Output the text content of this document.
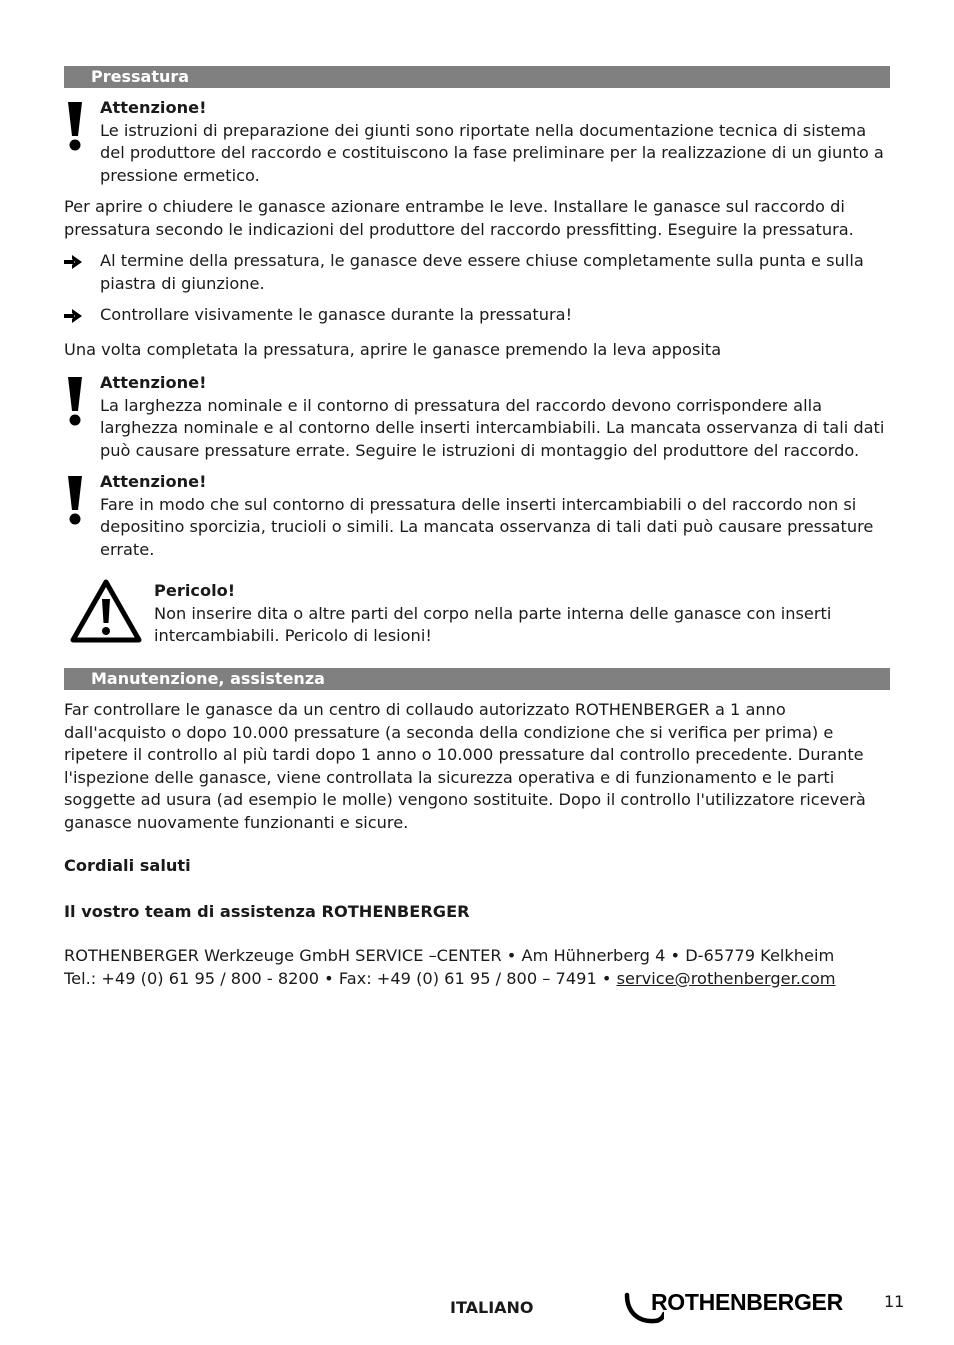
Pressatura
Attenzione!
Le istruzioni di preparazione dei giunti sono riportate nella documentazione tecnica di sistema
del produttore del raccordo e costituiscono la fase preliminare per la realizzazione di un giunto a
pressione ermetico.
Per aprire o chiudere le ganasce azionare entrambe le leve. Installare le ganasce sul raccordo di
pressatura secondo le indicazioni del produttore del raccordo pressfitting. Eseguire la pressatura.
Al termine della pressatura, le ganasce deve essere chiuse completamente sulla punta e sulla
piastra di giunzione.
Controllare visivamente le ganasce durante la pressatura!
Una volta completata la pressatura, aprire le ganasce premendo la leva apposita
Attenzione!
La larghezza nominale e il contorno di pressatura del raccordo devono corrispondere alla
larghezza nominale e al contorno delle inserti intercambiabili. La mancata osservanza di tali dati
può causare pressature errate. Seguire le istruzioni di montaggio del produttore del raccordo.
Attenzione!
Fare in modo che sul contorno di pressatura delle inserti intercambiabili o del raccordo non si
depositino sporcizia, trucioli o simili. La mancata osservanza di tali dati può causare pressature
errate.
Pericolo!
Non inserire dita o altre parti del corpo nella parte interna delle ganasce con inserti
intercambiabili. Pericolo di lesioni!
Manutenzione, assistenza
Far controllare le ganasce da un centro di collaudo autorizzato ROTHENBERGER a 1 anno
dall'acquisto o dopo 10.000 pressature (a seconda della condizione che si verifica per prima) e
ripetere il controllo al più tardi dopo 1 anno o 10.000 pressature dal controllo precedente. Durante
l'ispezione delle ganasce, viene controllata la sicurezza operativa e di funzionamento e le parti
soggette ad usura (ad esempio le molle) vengono sostituite. Dopo il controllo l'utilizzatore riceverà
ganasce nuovamente funzionanti e sicure.
Cordiali saluti
Il vostro team di assistenza ROTHENBERGER
ROTHENBERGER Werkzeuge GmbH SERVICE –CENTER • Am Hühnerberg 4 • D-65779 Kelkheim
Tel.: +49 (0) 61 95 / 800 - 8200 • Fax: +49 (0) 61 95 / 800 – 7491 • service@rothenberger.com
ITALIANO	ROTHENBERGER	11
